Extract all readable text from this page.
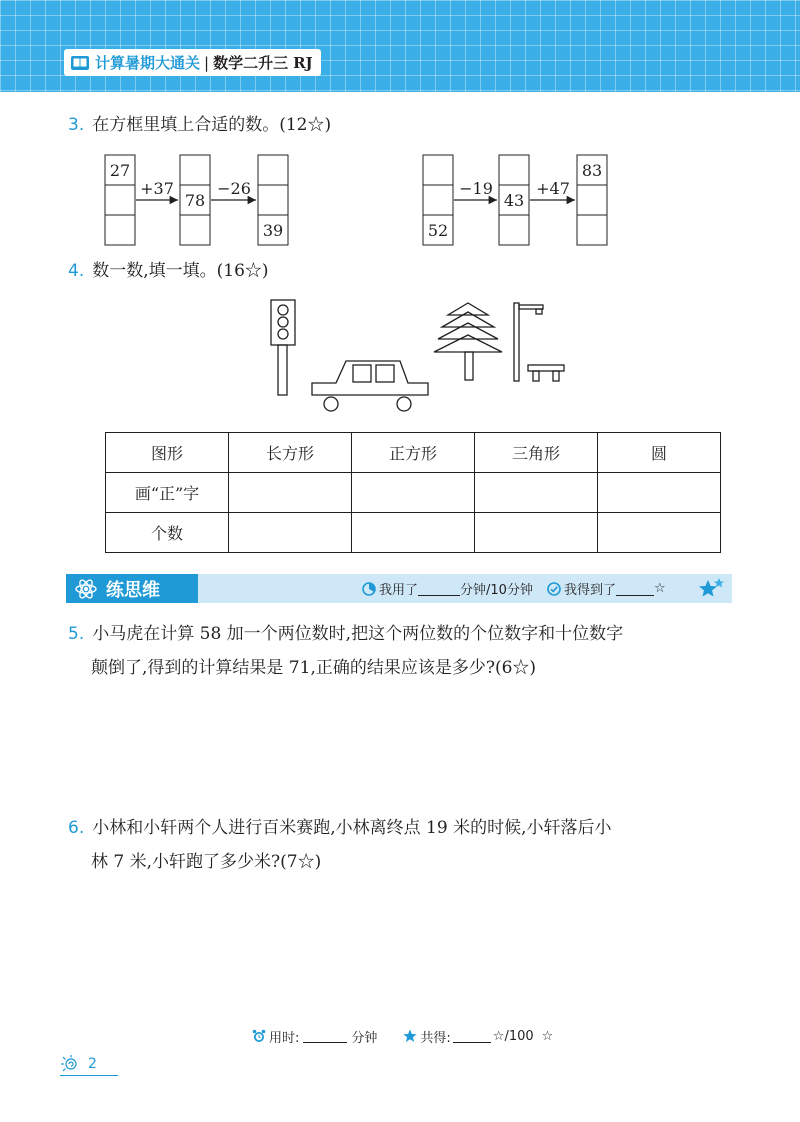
计算暑期大通关 | 数学二升三 RJ
3. 在方框里填上合适的数。(12☆)
27
+37
78
−26
39	52
−19
43
+47
83
4. 数一数,填一填。(16☆)
图形	长方形	正方形	三角形	圆
画“正”字				
个数				
练思维	我用了	分钟/10分钟 我得到了	☆
5. 小马虎在计算 58 加一个两位数时,把这个两位数的个位数字和十位数字
颠倒了,得到的计算结果是 71,正确的结果应该是多少?(6☆)
6. 小林和小轩两个人进行百米赛跑,小林离终点 19 米的时候,小轩落后小
林 7 米,小轩跑了多少米?(7☆)
用时:	分钟	共得:	☆/100 ☆
2
